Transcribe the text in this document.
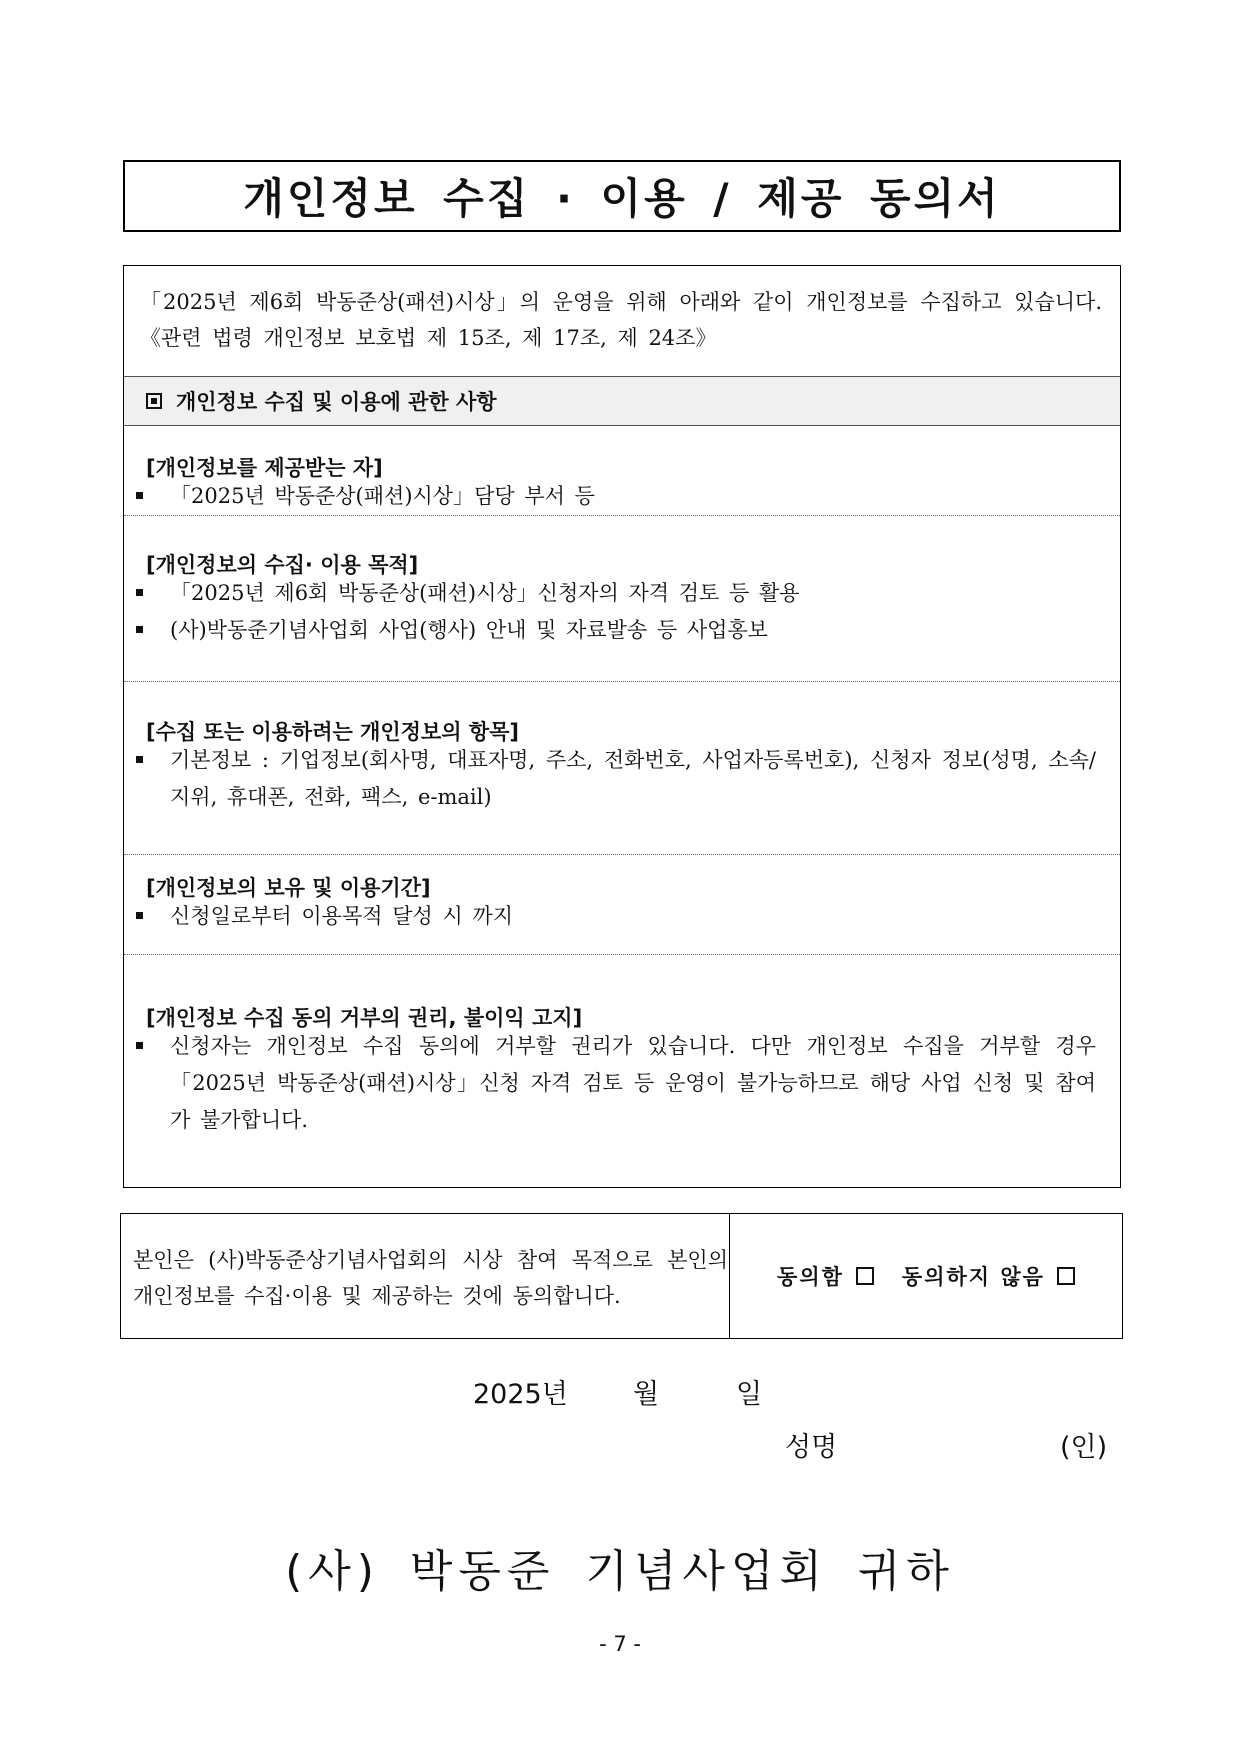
개인정보 수집 · 이용 / 제공 동의서
「2025년 제6회 박동준상(패션)시상」의 운영을 위해 아래와 같이 개인정보를 수집하고 있습니다.《관련 법령 개인정보 보호법 제 15조, 제 17조, 제 24조》
개인정보 수집 및 이용에 관한 사항
[개인정보를 제공받는 자]
「2025년 박동준상(패션)시상」담당 부서 등
[개인정보의 수집· 이용 목적]
「2025년 제6회 박동준상(패션)시상」신청자의 자격 검토 등 활용
(사)박동준기념사업회 사업(행사) 안내 및 자료발송 등 사업홍보
[수집 또는 이용하려는 개인정보의 항목]
기본정보 : 기업정보(회사명, 대표자명, 주소, 전화번호, 사업자등록번호), 신청자 정보(성명, 소속/지위, 휴대폰, 전화, 팩스, e-mail)
[개인정보의 보유 및 이용기간]
신청일로부터 이용목적 달성 시 까지
[개인정보 수집 동의 거부의 권리, 불이익 고지]
신청자는 개인정보 수집 동의에 거부할 권리가 있습니다. 다만 개인정보 수집을 거부할 경우「2025년 박동준상(패션)시상」신청 자격 검토 등 운영이 불가능하므로 해당 사업 신청 및 참여가 불가합니다.
본인은 (사)박동준상기념사업회의 시상 참여 목적으로 본인의 개인정보를 수집·이용 및 제공하는 것에 동의합니다.
동의함	동의하지 않음
2025년 월	일
성명	(인)
(사) 박동준 기념사업회 귀하
- 7 -
